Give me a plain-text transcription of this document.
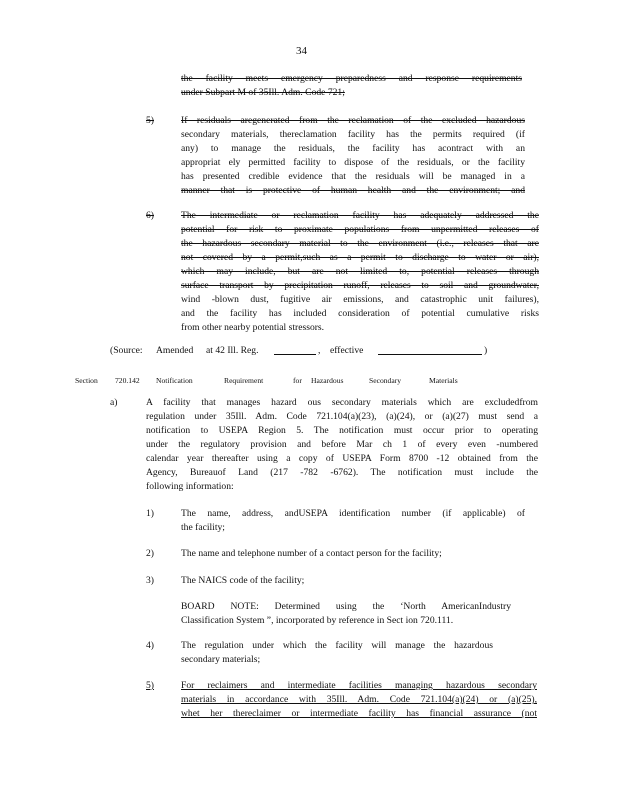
34

the facility meets emergency preparedness and response requirements
under Subpart M of 35Ill. Adm. Code 721;

5)	If residuals aregenerated from the reclamation of the excluded hazardous
secondary materials, thereclamation facility has the permits required (if
any) to manage the residuals, the facility has acontract with an
appropriat ely permitted facility to dispose of the residuals, or the facility
has presented credible evidence that the residuals will be managed in a
manner that is protective of human health and the environment; and

6)	The intermediate or reclamation facility has adequately addressed the
potential for risk to proximate populations from unpermitted releases of
the hazardous secondary material to the environment (i.e., releases that are
not covered by a permit,such as a permit to discharge to water or air),
which may include, but are not limited to, potential releases through
surface transport by precipitation runoff, releases to soil and groundwater,
wind -blown dust, fugitive air emissions, and catastrophic unit failures),
and the facility has included consideration of potential cumulative risks
from other nearby potential stressors.
(Source: Amended at 42 Ill. Reg.	, effective	)
Section 720.142 Notification	Requirement	for Hazardous	Secondary	Materials

a)	A facility that manages hazard ous secondary materials which are excludedfrom
regulation under 35Ill. Adm. Code 721.104(a)(23), (a)(24), or (a)(27) must send a
notification to USEPA Region 5. The notification must occur prior to operating
under the regulatory provision and before Mar ch 1 of every even -numbered
calendar year thereafter using a copy of USEPA Form 8700 -12 obtained from the
Agency, Bureauof Land (217 -782 -6762). The notification must include the
following information:

1)	The name, address, andUSEPA identification number (if applicable) of
the facility;

2)	The name and telephone number of a contact person for the facility;

3)	The NAICS code of the facility;
BOARD NOTE: Determined using the ‘North AmericanIndustry
Classification System ”, incorporated by reference in Sect ion 720.111.

4)	The regulation under which the facility will manage the hazardous
secondary materials;

5)	For reclaimers and intermediate facilities managing hazardous secondary
materials in accordance with 35Ill. Adm. Code 721.104(a)(24) or (a)(25),
whet her thereclaimer or intermediate facility has financial assurance (not
